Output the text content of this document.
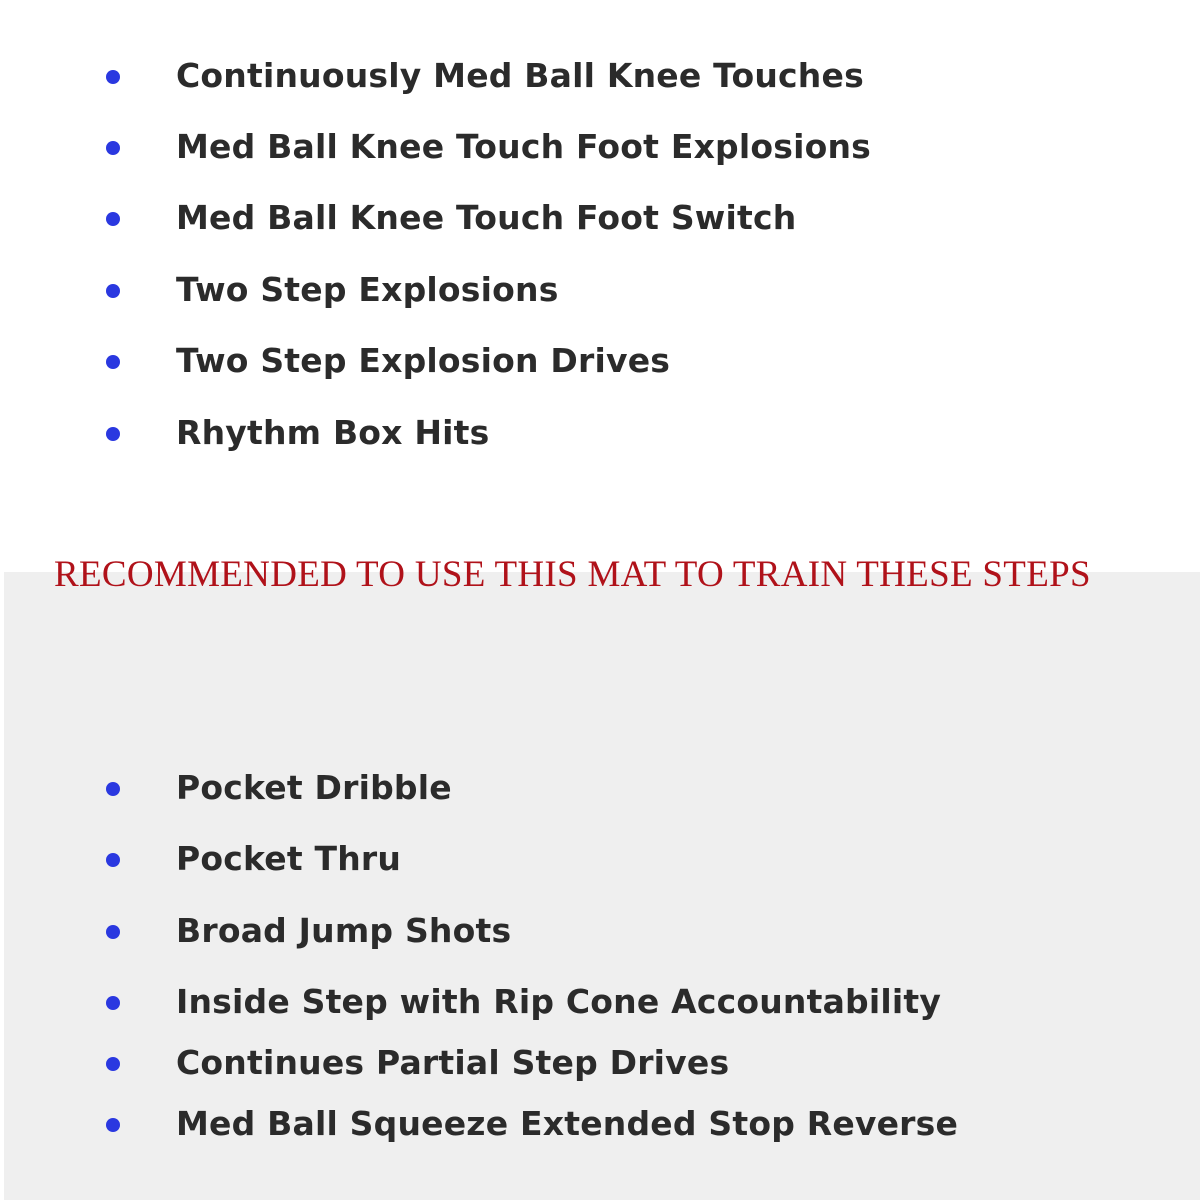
Continuously Med Ball Knee Touches
Med Ball Knee Touch Foot Explosions
Med Ball Knee Touch Foot Switch
Two Step Explosions
Two Step Explosion Drives
Rhythm Box Hits
RECOMMENDED TO USE THIS MAT TO TRAIN THESE STEPS
Pocket Dribble
Pocket Thru
Broad Jump Shots
Inside Step with Rip Cone Accountability
Continues Partial Step Drives
Med Ball Squeeze Extended Stop Reverse
